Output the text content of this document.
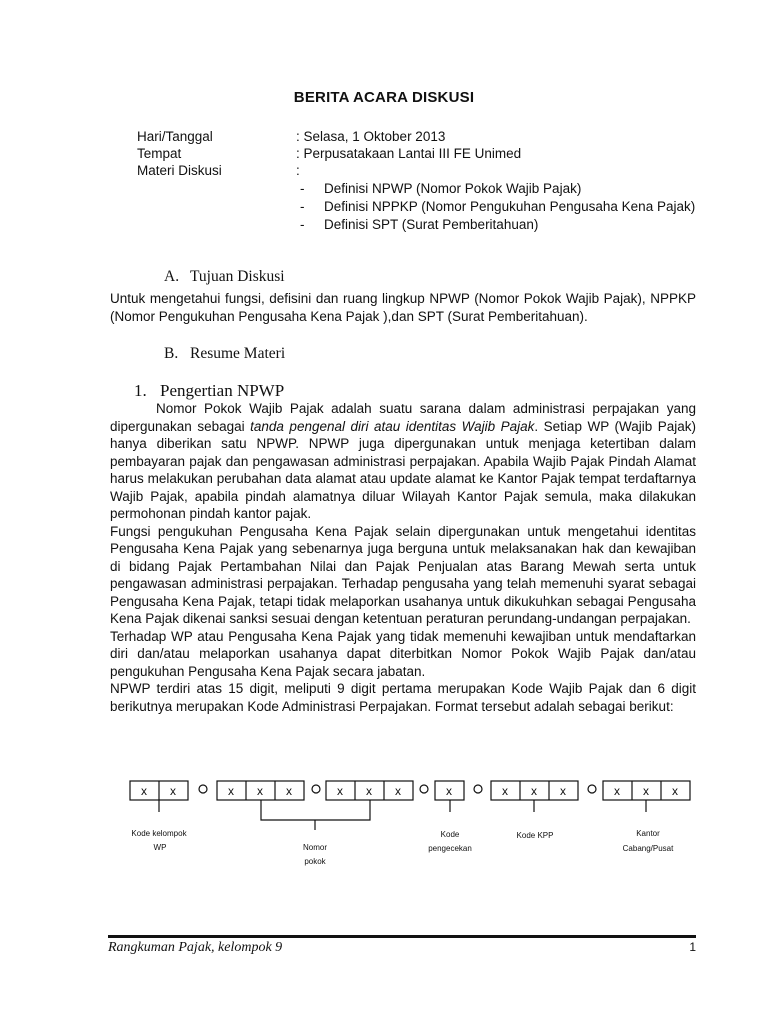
BERITA ACARA DISKUSI
Hari/Tanggal	: Selasa, 1 Oktober 2013
Tempat	: Perpusatakaan Lantai III FE Unimed
Materi Diskusi	:
- Definisi NPWP (Nomor Pokok Wajib Pajak)
- Definisi NPPKP (Nomor Pengukuhan Pengusaha Kena Pajak)
- Definisi SPT (Surat Pemberitahuan)
A. Tujuan Diskusi

Untuk mengetahui fungsi, defisini dan ruang lingkup NPWP (Nomor Pokok Wajib Pajak), NPPKP (Nomor Pengukuhan Pengusaha Kena Pajak ),dan SPT (Surat Pemberitahuan).

B. Resume Materi
1. Pengertian NPWP

Nomor Pokok Wajib Pajak adalah suatu sarana dalam administrasi perpajakan yang dipergunakan sebagai tanda pengenal diri atau identitas Wajib Pajak. Setiap WP (Wajib Pajak) hanya diberikan satu NPWP. NPWP juga dipergunakan untuk menjaga ketertiban dalam pembayaran pajak dan pengawasan administrasi perpajakan. Apabila Wajib Pajak Pindah Alamat harus melakukan perubahan data alamat atau update alamat ke Kantor Pajak tempat terdaftarnya Wajib Pajak, apabila pindah alamatnya diluar Wilayah Kantor Pajak semula, maka dilakukan permohonan pindah kantor pajak.

Fungsi pengukuhan Pengusaha Kena Pajak selain dipergunakan untuk mengetahui identitas Pengusaha Kena Pajak yang sebenarnya juga berguna untuk melaksanakan hak dan kewajiban di bidang Pajak Pertambahan Nilai dan Pajak Penjualan atas Barang Mewah serta untuk pengawasan administrasi perpajakan. Terhadap pengusaha yang telah memenuhi syarat sebagai Pengusaha Kena Pajak, tetapi tidak melaporkan usahanya untuk dikukuhkan sebagai Pengusaha Kena Pajak dikenai sanksi sesuai dengan ketentuan peraturan perundang-undangan perpajakan.

Terhadap WP atau Pengusaha Kena Pajak yang tidak memenuhi kewajiban untuk mendaftarkan diri dan/atau melaporkan usahanya dapat diterbitkan Nomor Pokok Wajib Pajak dan/atau pengukuhan Pengusaha Kena Pajak secara jabatan.

NPWP terdiri atas 15 digit, meliputi 9 digit pertama merupakan Kode Wajib Pajak dan 6 digit berikutnya merupakan Kode Administrasi Perpajakan. Format tersebut adalah sebagai berikut:

x x	x x x	x x x	x	x x x	x x x
Kode kelompok
WP	Nomor
pokok
Kode
pengecekan
Kode KPP	Kantor
Cabang/Pusat
Rangkuman Pajak, kelompok 9	1
